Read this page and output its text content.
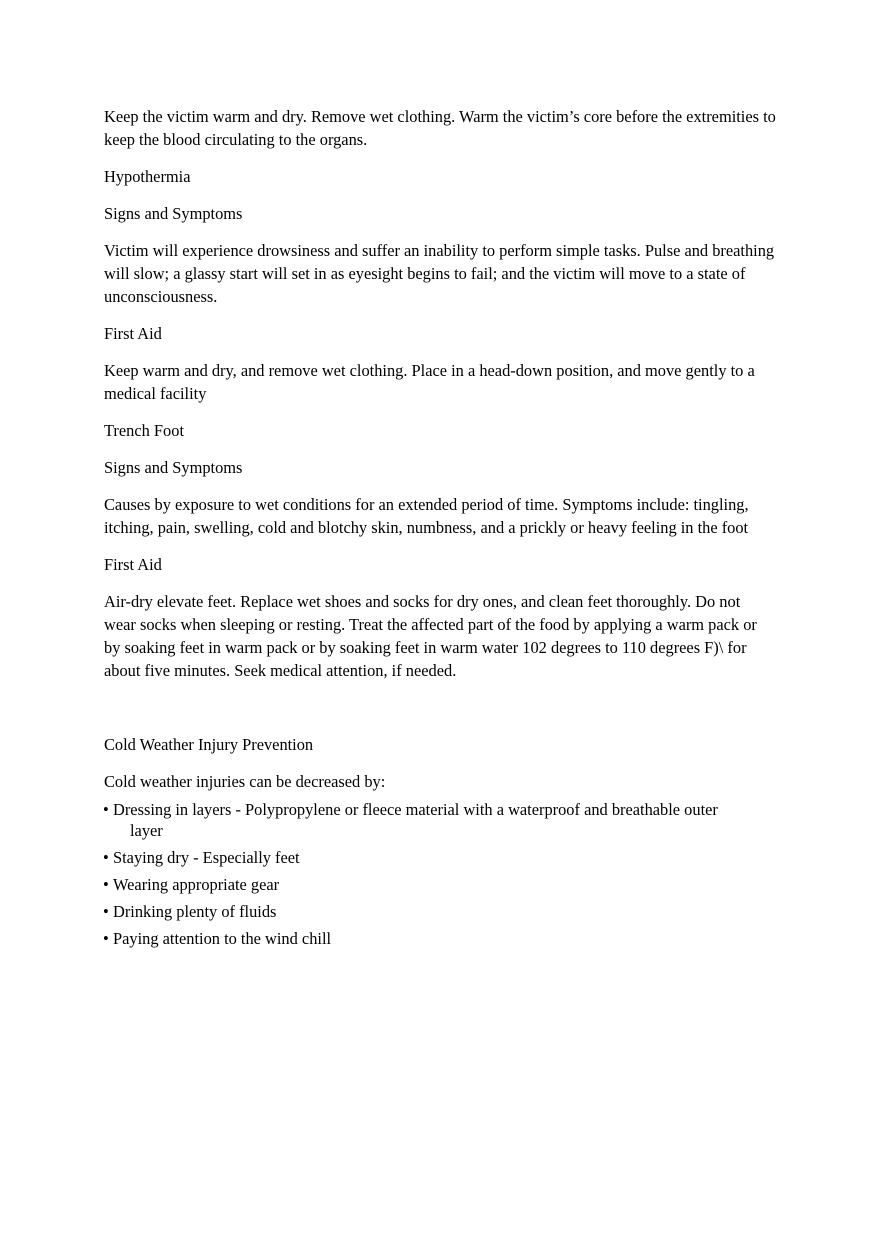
Keep the victim warm and dry. Remove wet clothing. Warm the victim’s core before the extremities to keep the blood circulating to the organs.

Hypothermia

Signs and Symptoms

Victim will experience drowsiness and suffer an inability to perform simple tasks. Pulse and breathing will slow; a glassy start will set in as eyesight begins to fail; and the victim will move to a state of unconsciousness.

First Aid

Keep warm and dry, and remove wet clothing. Place in a head-down position, and move gently to a medical facility

Trench Foot

Signs and Symptoms

Causes by exposure to wet conditions for an extended period of time. Symptoms include: tingling, itching, pain, swelling, cold and blotchy skin, numbness, and a prickly or heavy feeling in the foot

First Aid

Air-dry elevate feet. Replace wet shoes and socks for dry ones, and clean feet thoroughly. Do not wear socks when sleeping or resting. Treat the affected part of the food by applying a warm pack or by soaking feet in warm pack or by soaking feet in warm water 102 degrees to 110 degrees F)\ for about five minutes. Seek medical attention, if needed.

Cold Weather Injury Prevention

Cold weather injuries can be decreased by:

• Dressing in layers - Polypropylene or fleece material with a waterproof and breathable outer
layer
• Staying dry - Especially feet
• Wearing appropriate gear
• Drinking plenty of fluids
• Paying attention to the wind chill
